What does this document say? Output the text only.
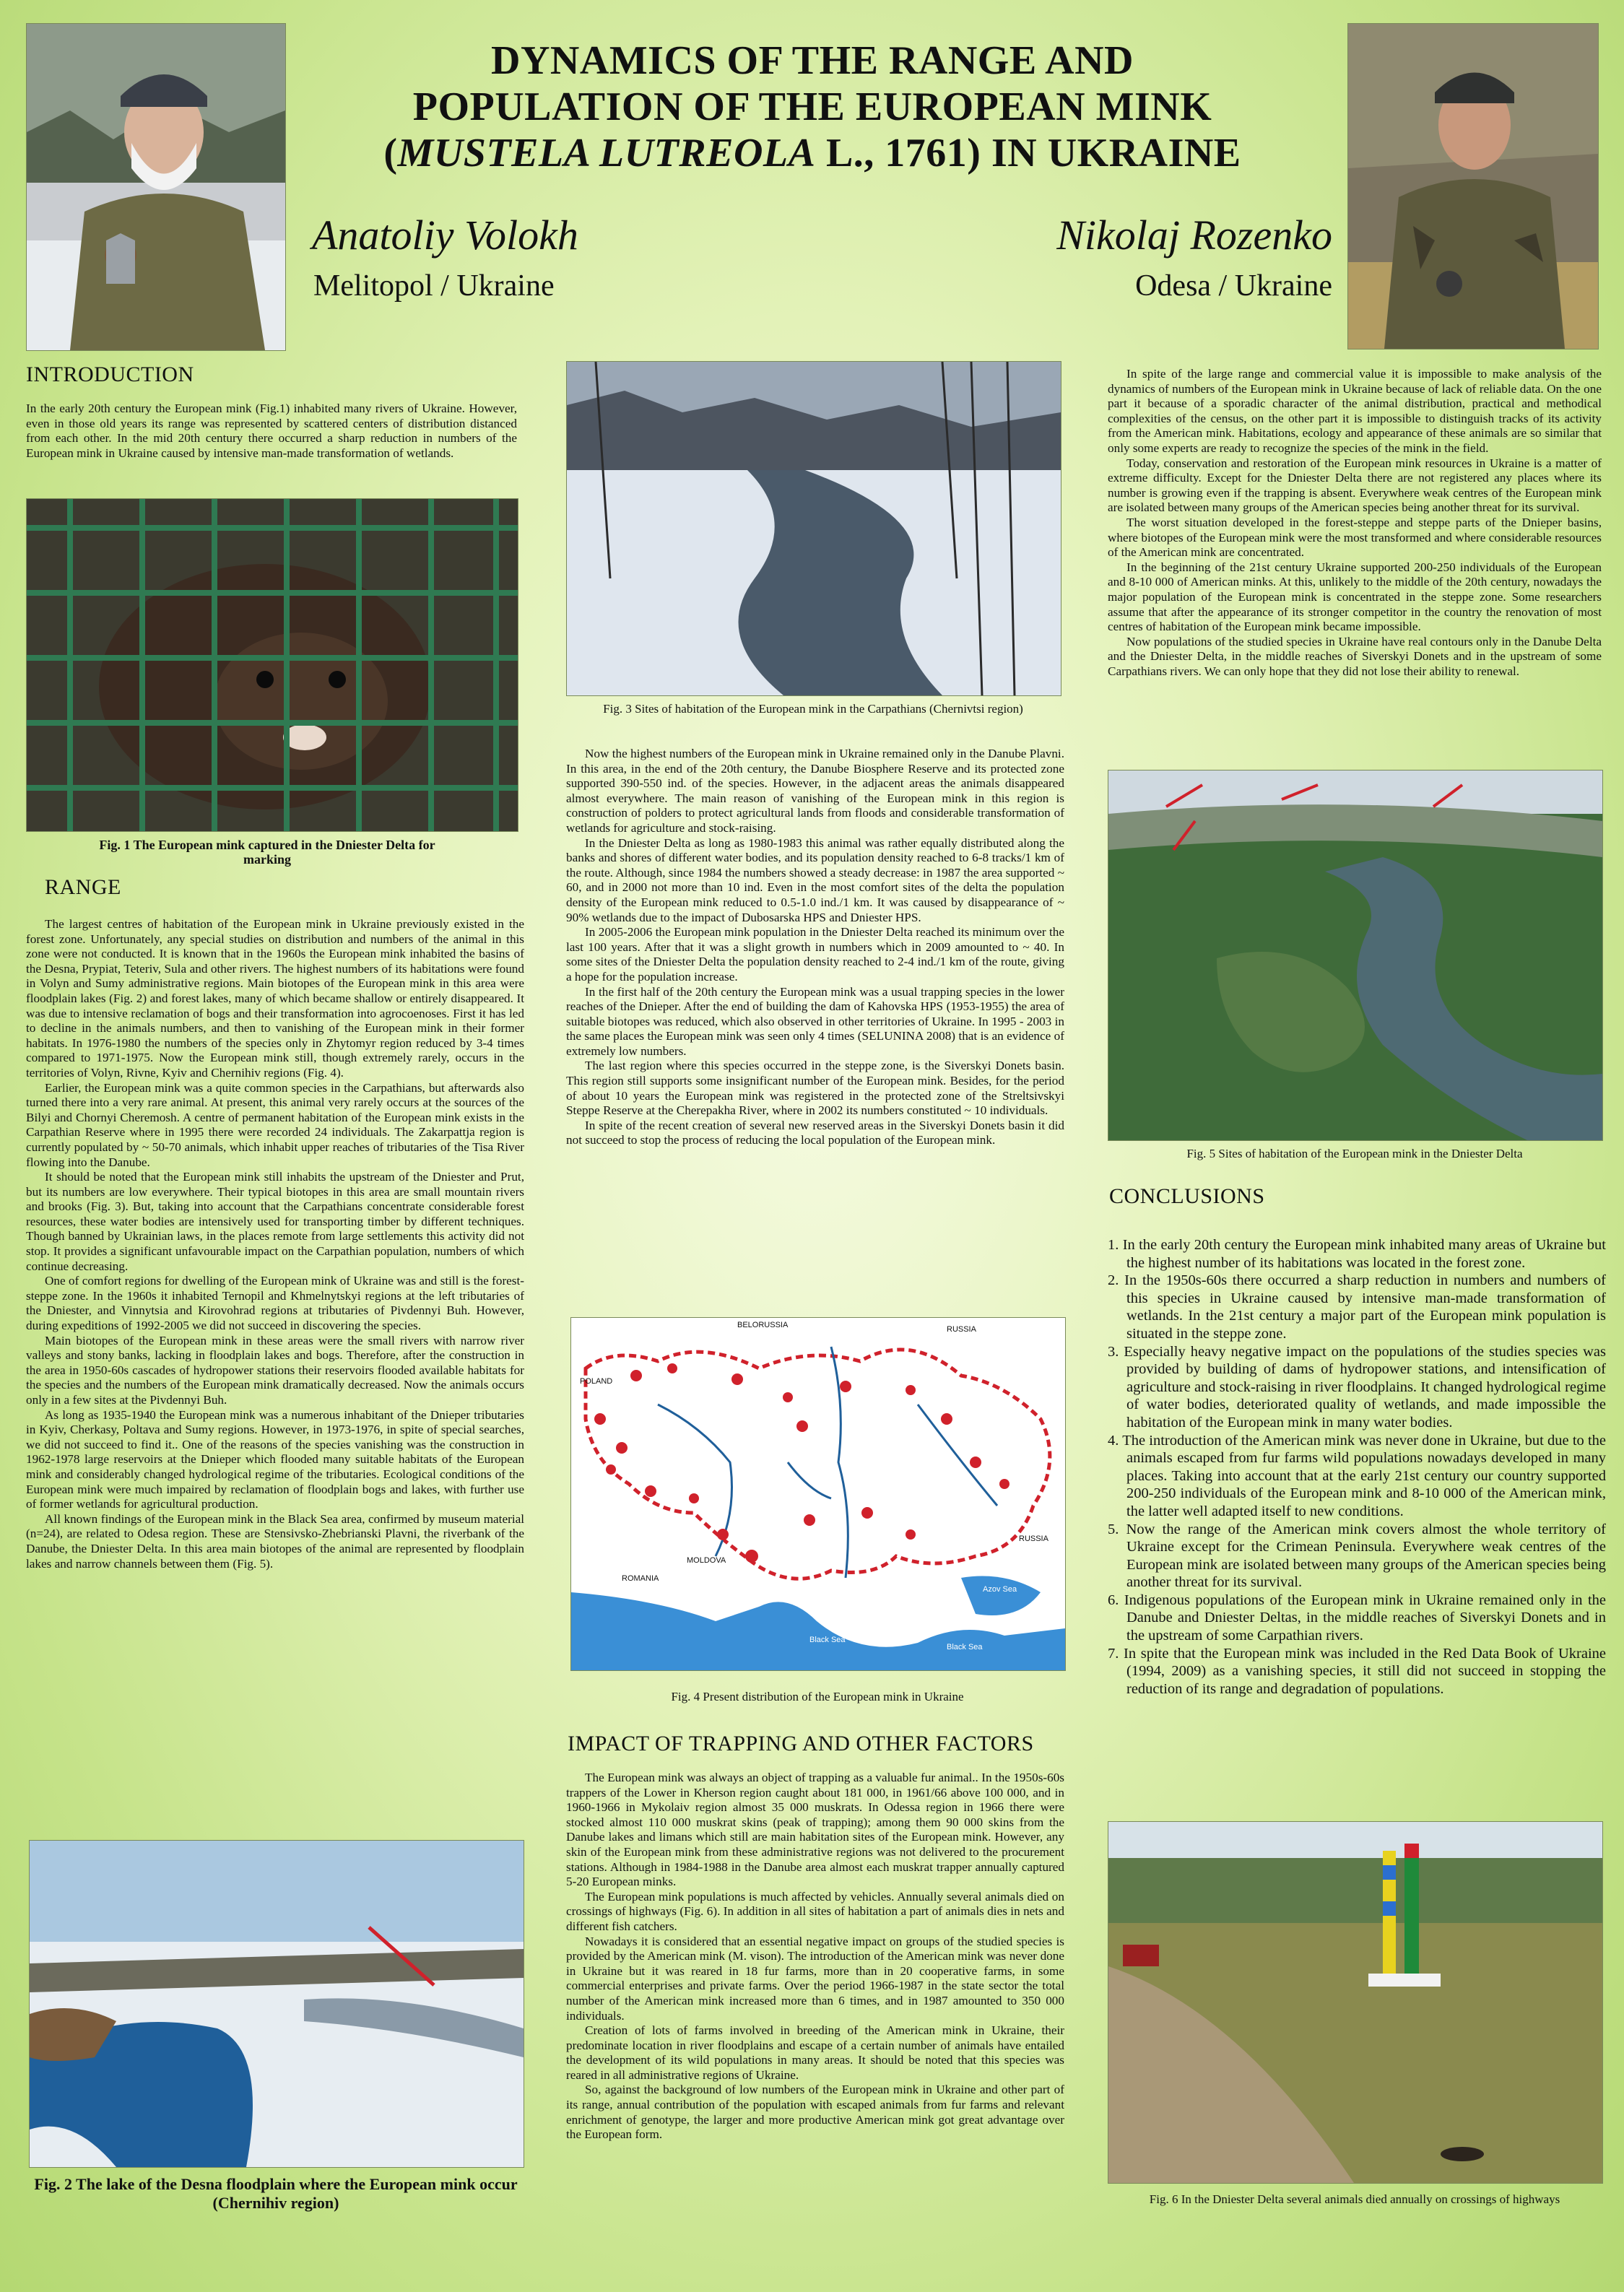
DYNAMICS OF THE RANGE AND
POPULATION OF THE EUROPEAN MINK
(MUSTELA LUTREOLA L., 1761) IN UKRAINE
Anatoliy Volokh
Melitopol / Ukraine
Nikolaj Rozenko
Odesa / Ukraine
INTRODUCTION

In the early 20th century the European mink (Fig.1) inhabited many rivers of Ukraine. However, even in those old years its range was represented by scattered centers of distribution distanced from each other. In the mid 20th century there occurred a sharp reduction in numbers of the European mink in Ukraine caused by intensive man-made transformation of wetlands.

Fig. 1 The European mink captured in the Dniester Delta for marking
RANGE

The largest centres of habitation of the European mink in Ukraine previously existed in the forest zone. Unfortunately, any special studies on distribution and numbers of the animal in this zone were not conducted. It is known that in the 1960s the European mink inhabited the basins of the Desna, Prypiat, Teteriv, Sula and other rivers. The highest numbers of its habitations were found in Volyn and Sumy administrative regions. Main biotopes of the European mink in this area were floodplain lakes (Fig. 2) and forest lakes, many of which became shallow or entirely disappeared. It was due to intensive reclamation of bogs and their transformation into agrocoenoses. First it has led to decline in the animals numbers, and then to vanishing of the European mink in their former habitats. In 1976-1980 the numbers of the species only in Zhytomyr region reduced by 3-4 times compared to 1971-1975. Now the European mink still, though extremely rarely, occurs in the territories of Volyn, Rivne, Kyiv and Chernihiv regions (Fig. 4).

Earlier, the European mink was a quite common species in the Carpathians, but afterwards also turned there into a very rare animal. At present, this animal very rarely occurs at the sources of the Bilyi and Chornyi Cheremosh. A centre of permanent habitation of the European mink exists in the Carpathian Reserve where in 1995 there were recorded 24 individuals. The Zakarpattja region is currently populated by ~ 50-70 animals, which inhabit upper reaches of tributaries of the Tisa River flowing into the Danube.

It should be noted that the European mink still inhabits the upstream of the Dniester and Prut, but its numbers are low everywhere. Their typical biotopes in this area are small mountain rivers and brooks (Fig. 3). But, taking into account that the Carpathians concentrate considerable forest resources, these water bodies are intensively used for transporting timber by different techniques. Though banned by Ukrainian laws, in the places remote from large settlements this activity did not stop. It provides a significant unfavourable impact on the Carpathian population, numbers of which continue decreasing.

One of comfort regions for dwelling of the European mink of Ukraine was and still is the forest-steppe zone. In the 1960s it inhabited Ternopil and Khmelnytskyi regions at the left tributaries of the Dniester, and Vinnytsia and Kirovohrad regions at tributaries of Pivdennyi Buh. However, during expeditions of 1992-2005 we did not succeed in discovering the species.

Main biotopes of the European mink in these areas were the small rivers with narrow river valleys and stony banks, lacking in floodplain lakes and bogs. Therefore, after the construction in the area in 1950-60s cascades of hydropower stations their reservoirs flooded available habitats for the species and the numbers of the European mink dramatically decreased. Now the animals occurs only in a few sites at the Pivdennyi Buh.

As long as 1935-1940 the European mink was a numerous inhabitant of the Dnieper tributaries in Kyiv, Cherkasy, Poltava and Sumy regions. However, in 1973-1976, in spite of special searches, we did not succeed to find it.. One of the reasons of the species vanishing was the construction in 1962-1978 large reservoirs at the Dnieper which flooded many suitable habitats of the European mink and considerably changed hydrological regime of the tributaries. Ecological conditions of the European mink were much impaired by reclamation of floodplain bogs and lakes, with further use of former wetlands for agricultural production.

All known findings of the European mink in the Black Sea area, confirmed by museum material (n=24), are related to Odesa region. These are Stensivsko-Zhebrianski Plavni, the riverbank of the Danube, the Dniester Delta. In this area main biotopes of the animal are represented by floodplain lakes and narrow channels between them (Fig. 5).

Fig. 2 The lake of the Desna floodplain where the European mink occur (Chernihiv region)
Fig. 3 Sites of habitation of the European mink in the Carpathians (Chernivtsi region)

Now the highest numbers of the European mink in Ukraine remained only in the Danube Plavni. In this area, in the end of the 20th century, the Danube Biosphere Reserve and its protected zone supported 390-550 ind. of the species. However, in the adjacent areas the animals disappeared almost everywhere. The main reason of vanishing of the European mink in this region is construction of polders to protect agricultural lands from floods and considerable transformation of wetlands for agriculture and stock-raising.

In the Dniester Delta as long as 1980-1983 this animal was rather equally distributed along the banks and shores of different water bodies, and its population density reached to 6-8 tracks/1 km of the route. Although, since 1984 the numbers showed a steady decrease: in 1987 the area supported ~ 60, and in 2000 not more than 10 ind. Even in the most comfort sites of the delta the population density of the European mink reduced to 0.5-1.0 ind./1 km. It was caused by disappearance of ~ 90% wetlands due to the impact of Dubosarska HPS and Dniester HPS.

In 2005-2006 the European mink population in the Dniester Delta reached its minimum over the last 100 years. After that it was a slight growth in numbers which in 2009 amounted to ~ 40. In some sites of the Dniester Delta the population density reached to 2-4 ind./1 km of the route, giving a hope for the population increase.

In the first half of the 20th century the European mink was a usual trapping species in the lower reaches of the Dnieper. After the end of building the dam of Kahovska HPS (1953-1955) the area of suitable biotopes was reduced, which also observed in other territories of Ukraine. In 1995 - 2003 in the same places the European mink was seen only 4 times (SELUNINA 2008) that is an evidence of extremely low numbers.

The last region where this species occurred in the steppe zone, is the Siverskyi Donets basin. This region still supports some insignificant number of the European mink. Besides, for the period of about 10 years the European mink was registered in the protected zone of the Streltsivskyi Steppe Reserve at the Cherepakha River, where in 2002 its numbers constituted ~ 10 individuals.

In spite of the recent creation of several new reserved areas in the Siverskyi Donets basin it did not succeed to stop the process of reducing the local population of the European mink.

BELORUSSIA	RUSSIA
POLAND
MOLDOVA
ROMANIA
RUSSIA
Azov Sea
Black Sea
Black Sea
Fig. 4 Present distribution of the European mink in Ukraine
IMPACT OF TRAPPING AND OTHER FACTORS

The European mink was always an object of trapping as a valuable fur animal.. In the 1950s-60s trappers of the Lower in Kherson region caught about 181 000, in 1961/66 above 100 000, and in 1960-1966 in Mykolaiv region almost 35 000 muskrats. In Odessa region in 1966 there were stocked almost 110 000 muskrat skins (peak of trapping); among them 90 000 skins from the Danube lakes and limans which still are main habitation sites of the European mink. However, any skin of the European mink from these administrative regions was not delivered to the procurement stations. Although in 1984-1988 in the Danube area almost each muskrat trapper annually captured 5-20 European minks.

The European mink populations is much affected by vehicles. Annually several animals died on crossings of highways (Fig. 6). In addition in all sites of habitation a part of animals dies in nets and different fish catchers.

Nowadays it is considered that an essential negative impact on groups of the studied species is provided by the American mink (M. vison). The introduction of the American mink was never done in Ukraine but it was reared in 18 fur farms, more than in 20 cooperative farms, in some commercial enterprises and private farms. Over the period 1966-1987 in the state sector the total number of the American mink increased more than 6 times, and in 1987 amounted to 350 000 individuals.

Creation of lots of farms involved in breeding of the American mink in Ukraine, their predominate location in river floodplains and escape of a certain number of animals have entailed the development of its wild populations in many areas. It should be noted that this species was reared in all administrative regions of Ukraine.

So, against the background of low numbers of the European mink in Ukraine and other part of its range, annual contribution of the population with escaped animals from fur farms and relevant enrichment of genotype, the larger and more productive American mink got great advantage over the European form.

In spite of the large range and commercial value it is impossible to make analysis of the dynamics of numbers of the European mink in Ukraine because of lack of reliable data. On the one part it because of a sporadic character of the animal distribution, practical and methodical complexities of the census, on the other part it is impossible to distinguish tracks of its activity from the American mink. Habitations, ecology and appearance of these animals are so similar that only some experts are ready to recognize the species of the mink in the field.

Today, conservation and restoration of the European mink resources in Ukraine is a matter of extreme difficulty. Except for the Dniester Delta there are not registered any places where its number is growing even if the trapping is absent. Everywhere weak centres of the European mink are isolated between many groups of the American species being another threat for its survival.

The worst situation developed in the forest-steppe and steppe parts of the Dnieper basins, where biotopes of the European mink were the most transformed and where considerable resources of the American mink are concentrated.

In the beginning of the 21st century Ukraine supported 200-250 individuals of the European and 8-10 000 of American minks. At this, unlikely to the middle of the 20th century, nowadays the major population of the European mink is concentrated in the steppe zone. Some researchers assume that after the appearance of its stronger competitor in the country the renovation of most centres of habitation of the European mink became impossible.

Now populations of the studied species in Ukraine have real contours only in the Danube Delta and the Dniester Delta, in the middle reaches of Siverskyi Donets and in the upstream of some Carpathians rivers. We can only hope that they did not lose their ability to renewal.

Fig. 5 Sites of habitation of the European mink in the Dniester Delta
CONCLUSIONS
1. In the early 20th century the European mink inhabited many areas of Ukraine but the highest number of its habitations was located in the forest zone.
2. In the 1950s-60s there occurred a sharp reduction in numbers and numbers of this species in Ukraine caused by intensive man-made transformation of wetlands. In the 21st century a major part of the European mink population is situated in the steppe zone.
3. Especially heavy negative impact on the populations of the studies species was provided by building of dams of hydropower stations, and intensification of agriculture and stock-raising in river floodplains. It changed hydrological regime of water bodies, deteriorated quality of wetlands, and made impossible the habitation of the European mink in many water bodies.
4. The introduction of the American mink was never done in Ukraine, but due to the animals escaped from fur farms wild populations nowadays developed in many places. Taking into account that at the early 21st century our country supported 200-250 individuals of the European mink and 8-10 000 of the American mink, the latter well adapted itself to new conditions.
5. Now the range of the American mink covers almost the whole territory of Ukraine except for the Crimean Peninsula. Everywhere weak centres of the European mink are isolated between many groups of the American species being another threat for its survival.
6. Indigenous populations of the European mink in Ukraine remained only in the Danube and Dniester Deltas, in the middle reaches of Siverskyi Donets and in the upstream of some Carpathian rivers.
7. In spite that the European mink was included in the Red Data Book of Ukraine (1994, 2009) as a vanishing species, it still did not succeed in stopping the reduction of its range and degradation of populations.
Fig. 6 In the Dniester Delta several animals died annually on crossings of highways
